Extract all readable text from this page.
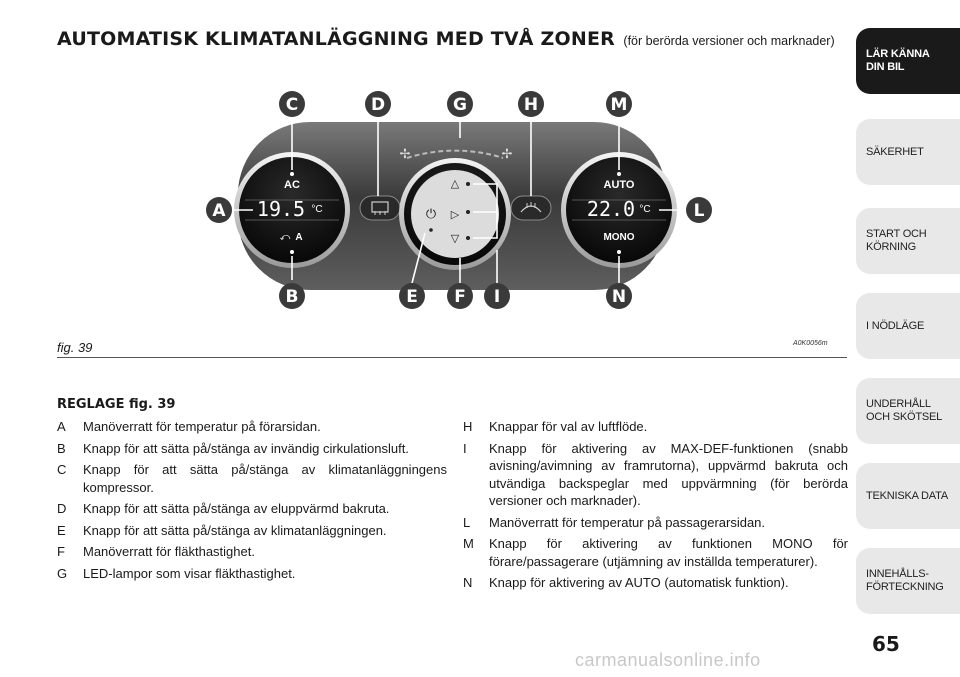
AUTOMATISK KLIMATANLÄGGNING MED TVÅ ZONER (för berörda versioner och marknader)
AC
19.5 °C
A
⤺
✢	✢
⏻
△
▷
▽
AUTO
22.0 °C
MONO
C	D	G	H	M
A	L
B	E F I	N
fig. 39	A0K0056m
REGLAGE fig. 39
A Manöverratt för temperatur på förarsidan.
B Knapp för att sätta på/stänga av invändig cirkulationsluft.
C Knapp för att sätta på/stänga av klimatanläggningens kompressor.
D Knapp för att sätta på/stänga av eluppvärmd bakruta.
E Knapp för att sätta på/stänga av klimatanläggningen.
F Manöverratt för fläkthastighet.
G LED-lampor som visar fläkthastighet.
H Knappar för val av luftflöde.
I Knapp för aktivering av MAX-DEF-funktionen (snabb avisning/avimning av framrutorna), uppvärmd bakruta och utvändiga backspeglar med uppvärmning (för berörda versioner och marknader).
L Manöverratt för temperatur på passagerarsidan.
M Knapp för aktivering av funktionen MONO för förare/passagerare (utjämning av inställda temperaturer).
N Knapp för aktivering av AUTO (automatisk funktion).
LÄR KÄNNA
DIN BIL
SÄKERHET
START OCH
KÖRNING
I NÖDLÄGE
UNDERHÅLL
OCH SKÖTSEL
TEKNISKA DATA
INNEHÅLLS-
FÖRTECKNING
65
carmanualsonline.info
